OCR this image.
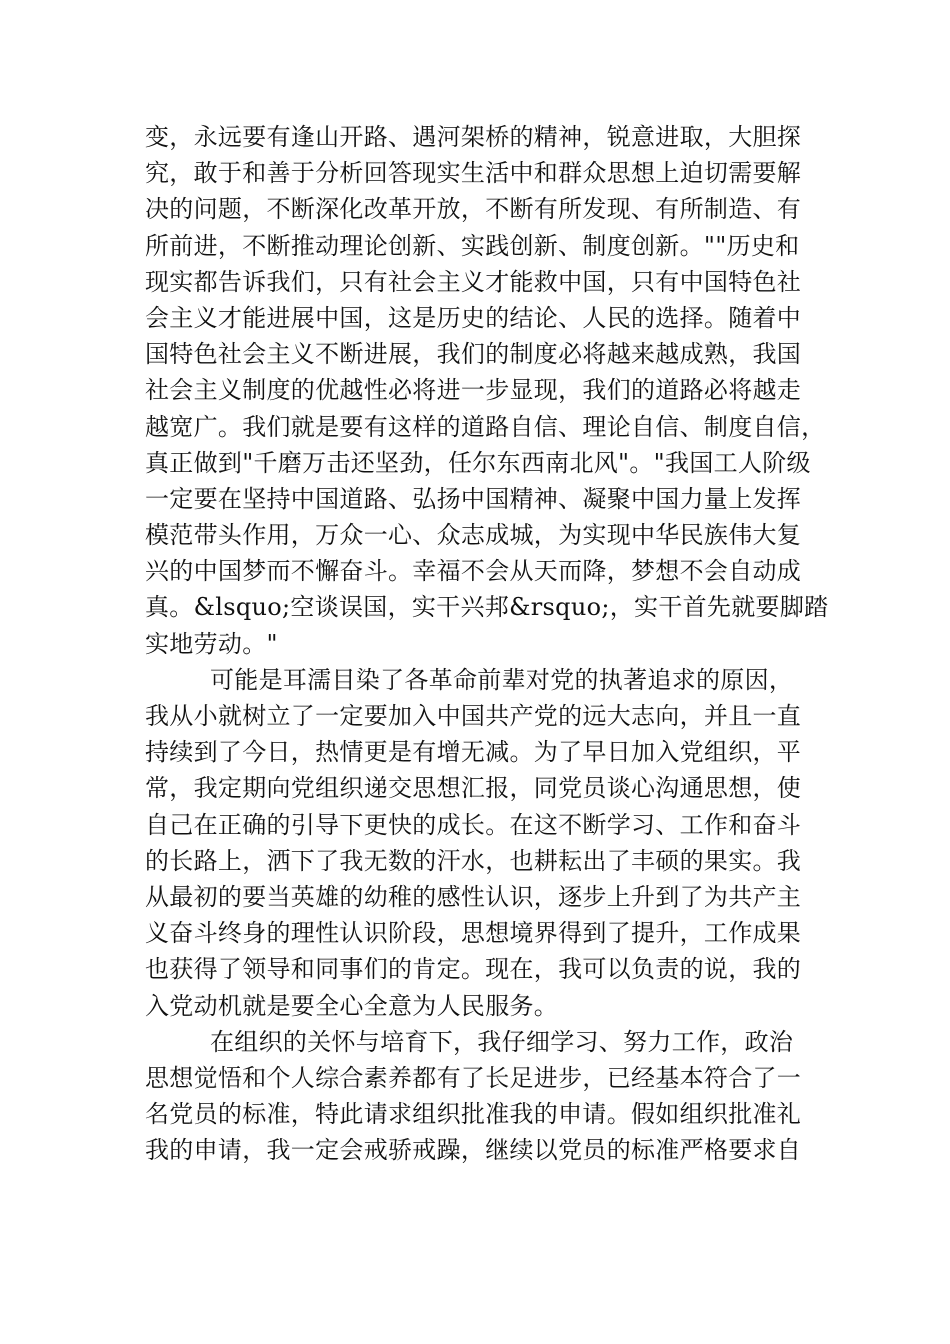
变，永远要有逢山开路、遇河架桥的精神，锐意进取，大胆探
究，敢于和善于分析回答现实生活中和群众思想上迫切需要解
决的问题，不断深化改革开放，不断有所发现、有所制造、有
所前进，不断推动理论创新、实践创新、制度创新。""历史和
现实都告诉我们，只有社会主义才能救中国，只有中国特色社
会主义才能进展中国，这是历史的结论、人民的选择。随着中
国特色社会主义不断进展，我们的制度必将越来越成熟，我国
社会主义制度的优越性必将进一步显现，我们的道路必将越走
越宽广。我们就是要有这样的道路自信、理论自信、制度自信，
真正做到"千磨万击还坚劲，任尔东西南北风"。"我国工人阶级
一定要在坚持中国道路、弘扬中国精神、凝聚中国力量上发挥
模范带头作用，万众一心、众志成城，为实现中华民族伟大复
兴的中国梦而不懈奋斗。幸福不会从天而降，梦想不会自动成
真。&lsquo;空谈误国，实干兴邦&rsquo;，实干首先就要脚踏
实地劳动。"
可能是耳濡目染了各革命前辈对党的执著追求的原因，
我从小就树立了一定要加入中国共产党的远大志向，并且一直
持续到了今日，热情更是有增无减。为了早日加入党组织，平
常，我定期向党组织递交思想汇报，同党员谈心沟通思想，使
自己在正确的引导下更快的成长。在这不断学习、工作和奋斗
的长路上，洒下了我无数的汗水，也耕耘出了丰硕的果实。我
从最初的要当英雄的幼稚的感性认识，逐步上升到了为共产主
义奋斗终身的理性认识阶段，思想境界得到了提升，工作成果
也获得了领导和同事们的肯定。现在，我可以负责的说，我的
入党动机就是要全心全意为人民服务。
在组织的关怀与培育下，我仔细学习、努力工作，政治
思想觉悟和个人综合素养都有了长足进步，已经基本符合了一
名党员的标准，特此请求组织批准我的申请。假如组织批准礼
我的申请，我一定会戒骄戒躁，继续以党员的标准严格要求自
